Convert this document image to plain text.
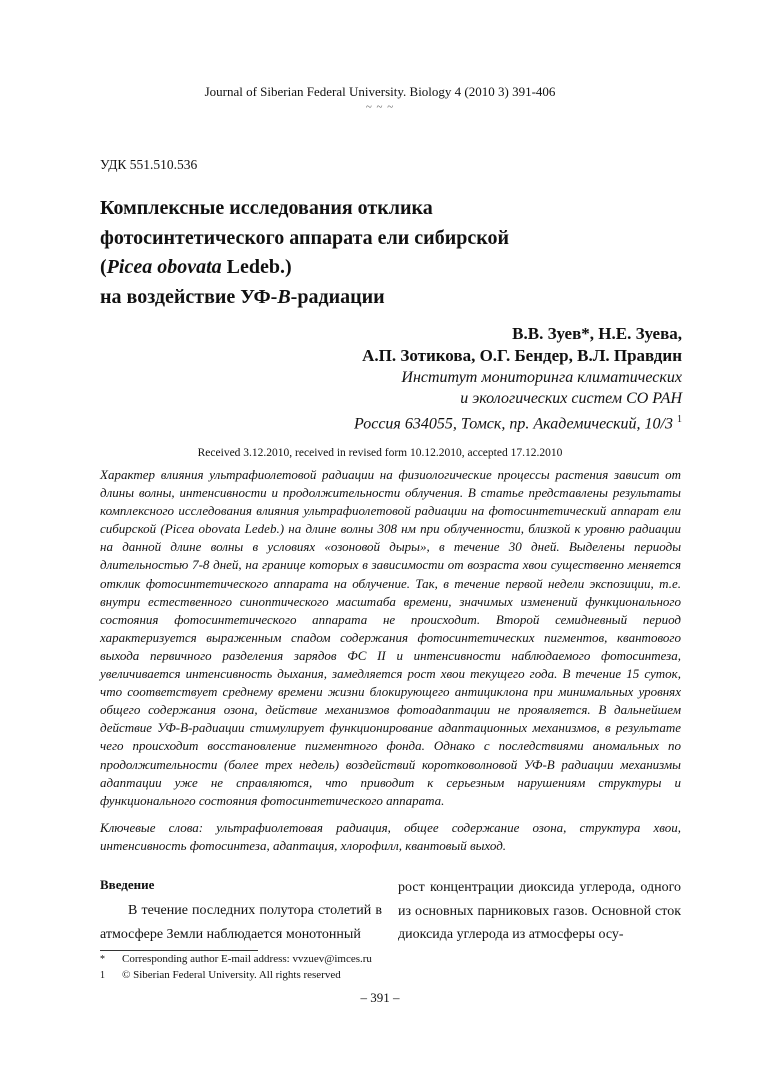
Journal of Siberian Federal University. Biology 4 (2010 3) 391-406
~ ~ ~
УДК 551.510.536
Комплексные исследования отклика
фотосинтетического аппарата ели сибирской
(Picea obovata Ledeb.)
на воздействие УФ-B-радиации
В.В. Зуев*, Н.Е. Зуева,
А.П. Зотикова, О.Г. Бендер, В.Л. Правдин
Институт мониторинга климатических
и экологических систем СО РАН
Россия 634055, Томск, пр. Академический, 10/3 $^1$
Received 3.12.2010, received in revised form 10.12.2010, accepted 17.12.2010
Характер влияния ультрафиолетовой радиации на физиологические процессы растения зависит от длины волны, интенсивности и продолжительности облучения. В статье представлены результаты комплексного исследования влияния ультрафиолетовой радиации на фотосинтетический аппарат ели сибирской (Picea obovata Ledeb.) на длине волны 308 нм при облученности, близкой к уровню радиации на данной длине волны в условиях «озоновой дыры», в течение 30 дней. Выделены периоды длительностью 7-8 дней, на границе которых в зависимости от возраста хвои существенно меняется отклик фотосинтетического аппарата на облучение. Так, в течение первой недели экспозиции, т.е. внутри естественного синоптического масштаба времени, значимых изменений функционального состояния фотосинтетического аппарата не происходит. Второй семидневный период характеризуется выраженным спадом содержания фотосинтетических пигментов, квантового выхода первичного разделения зарядов ФС II и интенсивности наблюдаемого фотосинтеза, увеличивается интенсивность дыхания, замедляется рост хвои текущего года. В течение 15 суток, что соответствует среднему времени жизни блокирующего антициклона при минимальных уровнях общего содержания озона, действие механизмов фотоадаптации не проявляется. В дальнейшем действие УФ-В-радиации стимулирует функционирование адаптационных механизмов, в результате чего происходит восстановление пигментного фонда. Однако с последствиями аномальных по продолжительности (более трех недель) воздействий коротковолновой УФ-В радиации механизмы адаптации уже не справляются, что приводит к серьезным нарушениям структуры и функционального состояния фотосинтетического аппарата.
Ключевые слова: ультрафиолетовая радиация, общее содержание озона, структура хвои, интенсивность фотосинтеза, адаптация, хлорофилл, квантовый выход.
Введение
В течение последних полутора столетий в атмосфере Земли наблюдается монотонный
рост концентрации диоксида углерода, одного из основных парниковых газов. Основной сток диоксида углерода из атмосферы осу-
*	Corresponding author E-mail address: vvzuev@imces.ru
1	© Siberian Federal University. All rights reserved
– 391 –
